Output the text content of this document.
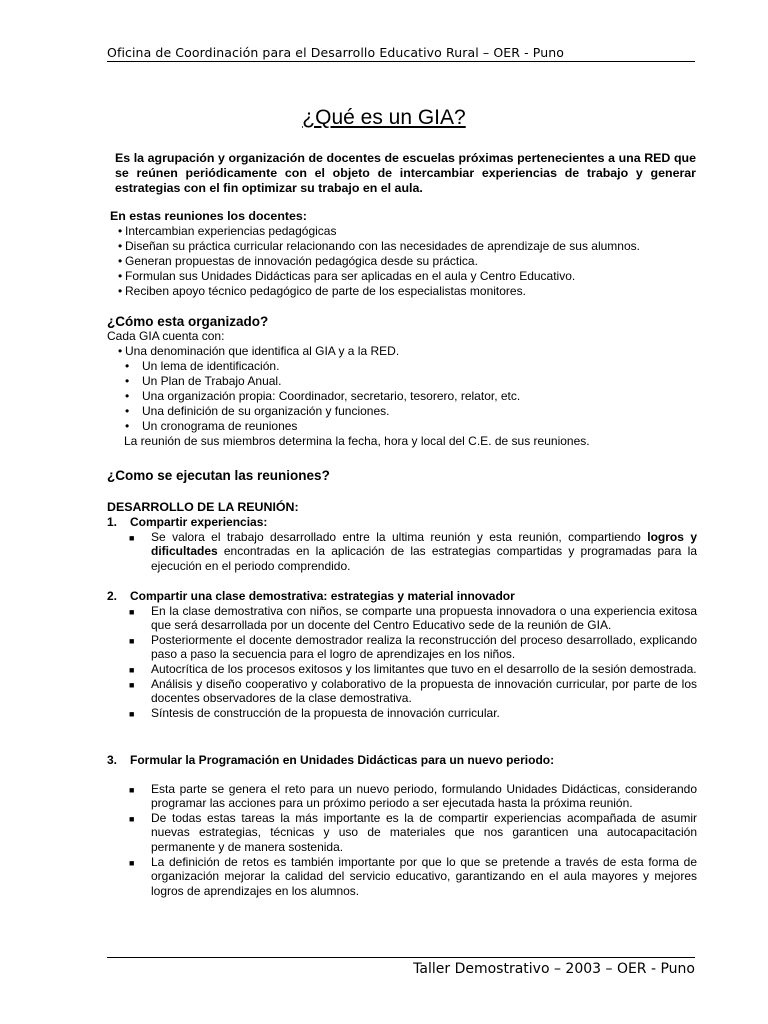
Oficina de Coordinación para el Desarrollo Educativo Rural – OER - Puno
¿Qué es un GIA?
Es la agrupación y organización de docentes de escuelas próximas pertenecientes a una RED que se reúnen periódicamente con el objeto de intercambiar experiencias de trabajo y generar estrategias con el fin optimizar su trabajo en el aula.
En estas reuniones los docentes:
• Intercambian experiencias pedagógicas
• Diseñan su práctica curricular relacionando con las necesidades de aprendizaje de sus alumnos.
• Generan propuestas de innovación pedagógica desde su práctica.
• Formulan sus Unidades Didácticas para ser aplicadas en el aula y Centro Educativo.
• Reciben apoyo técnico pedagógico de parte de los especialistas monitores.
¿Cómo esta organizado?
Cada GIA cuenta con:
• Una denominación que identifica al GIA y a la RED.
• Un lema de identificación.
• Un Plan de Trabajo Anual.
• Una organización propia: Coordinador, secretario, tesorero, relator, etc.
• Una definición de su organización y funciones.
• Un cronograma de reuniones
La reunión de sus miembros determina la fecha, hora y local del C.E. de sus reuniones.
¿Como se ejecutan las reuniones?
DESARROLLO DE LA REUNIÓN:
1. Compartir experiencias:
■ Se valora el trabajo desarrollado entre la ultima reunión y esta reunión, compartiendo logros y dificultades encontradas en la aplicación de las estrategias compartidas y programadas para la ejecución en el periodo comprendido.
2. Compartir una clase demostrativa: estrategias y material innovador
■ En la clase demostrativa con niños, se comparte una propuesta innovadora o una experiencia exitosa que será desarrollada por un docente del Centro Educativo sede de la reunión de GIA.
■ Posteriormente el docente demostrador realiza la reconstrucción del proceso desarrollado, explicando paso a paso la secuencia para el logro de aprendizajes en los niños.
■ Autocrítica de los procesos exitosos y los limitantes que tuvo en el desarrollo de la sesión demostrada.
■ Análisis y diseño cooperativo y colaborativo de la propuesta de innovación curricular, por parte de los docentes observadores de la clase demostrativa.
■ Síntesis de construcción de la propuesta de innovación curricular.
3. Formular la Programación en Unidades Didácticas para un nuevo periodo:
■ Esta parte se genera el reto para un nuevo periodo, formulando Unidades Didácticas, considerando programar las acciones para un próximo periodo a ser ejecutada hasta la próxima reunión.
■ De todas estas tareas la más importante es la de compartir experiencias acompañada de asumir nuevas estrategias, técnicas y uso de materiales que nos garanticen una autocapacitación permanente y de manera sostenida.
■ La definición de retos es también importante por que lo que se pretende a través de esta forma de organización mejorar la calidad del servicio educativo, garantizando en el aula mayores y mejores logros de aprendizajes en los alumnos.
Taller Demostrativo – 2003 – OER - Puno
